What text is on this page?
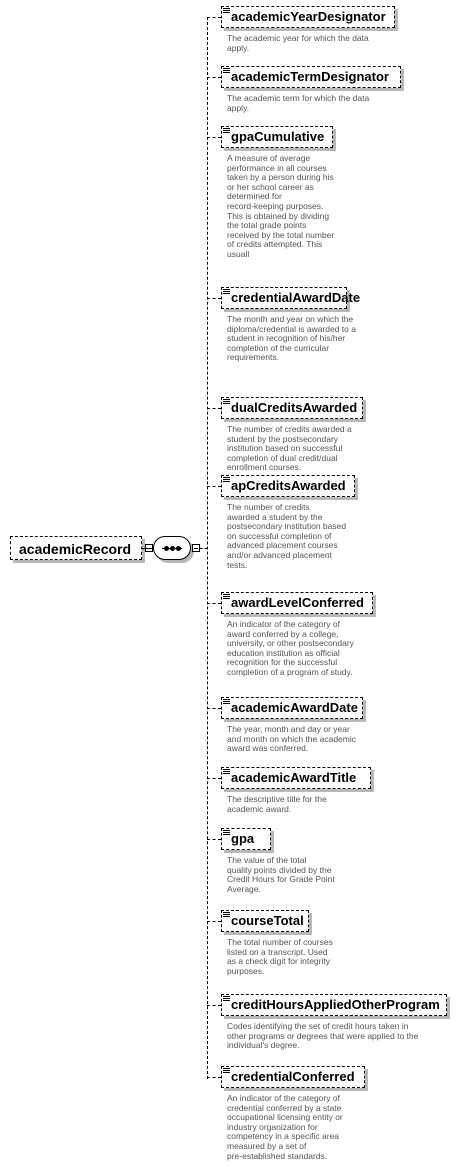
academicRecord
academicYearDesignator
The academic year for which the data
apply.
academicTermDesignator
The academic term for which the data
apply.
gpaCumulative
A measure of average
performance in all courses
taken by a person during his
or her school career as
determined for
record-keeping purposes.
This is obtained by dividing
the total grade points
received by the total number
of credits attempted. This
usuall
credentialAwardDate
The month and year on which the
diploma/credential is awarded to a
student in recognition of his/her
completion of the curricular
requirements.
dualCreditsAwarded
The number of credits awarded a
student by the postsecondary
institution based on successful
completion of dual credit/dual
enrollment courses.
apCreditsAwarded
The number of credits
awarded a student by the
postsecondary institution based
on successful completion of
advanced placement courses
and/or advanced placement
tests.
awardLevelConferred
An indicator of the category of
award conferred by a college,
university, or other postsecondary
education institution as official
recognition for the successful
completion of a program of study.
academicAwardDate
The year, month and day or year
and month on which the academic
award was conferred.
academicAwardTitle
The descriptive title for the
academic award.
gpa
The value of the total
quality points divided by the
Credit Hours for Grade Point
Average.
courseTotal
The total number of courses
listed on a transcript. Used
as a check digit for integrity
purposes.
creditHoursAppliedOtherProgram
Codes identifying the set of credit hours taken in
other programs or degrees that were applied to the
individual's degree.
credentialConferred
An indicator of the category of
credential conferred by a state
occupational licensing entity or
industry organization for
competency in a specific area
measured by a set of
pre-established standards.
